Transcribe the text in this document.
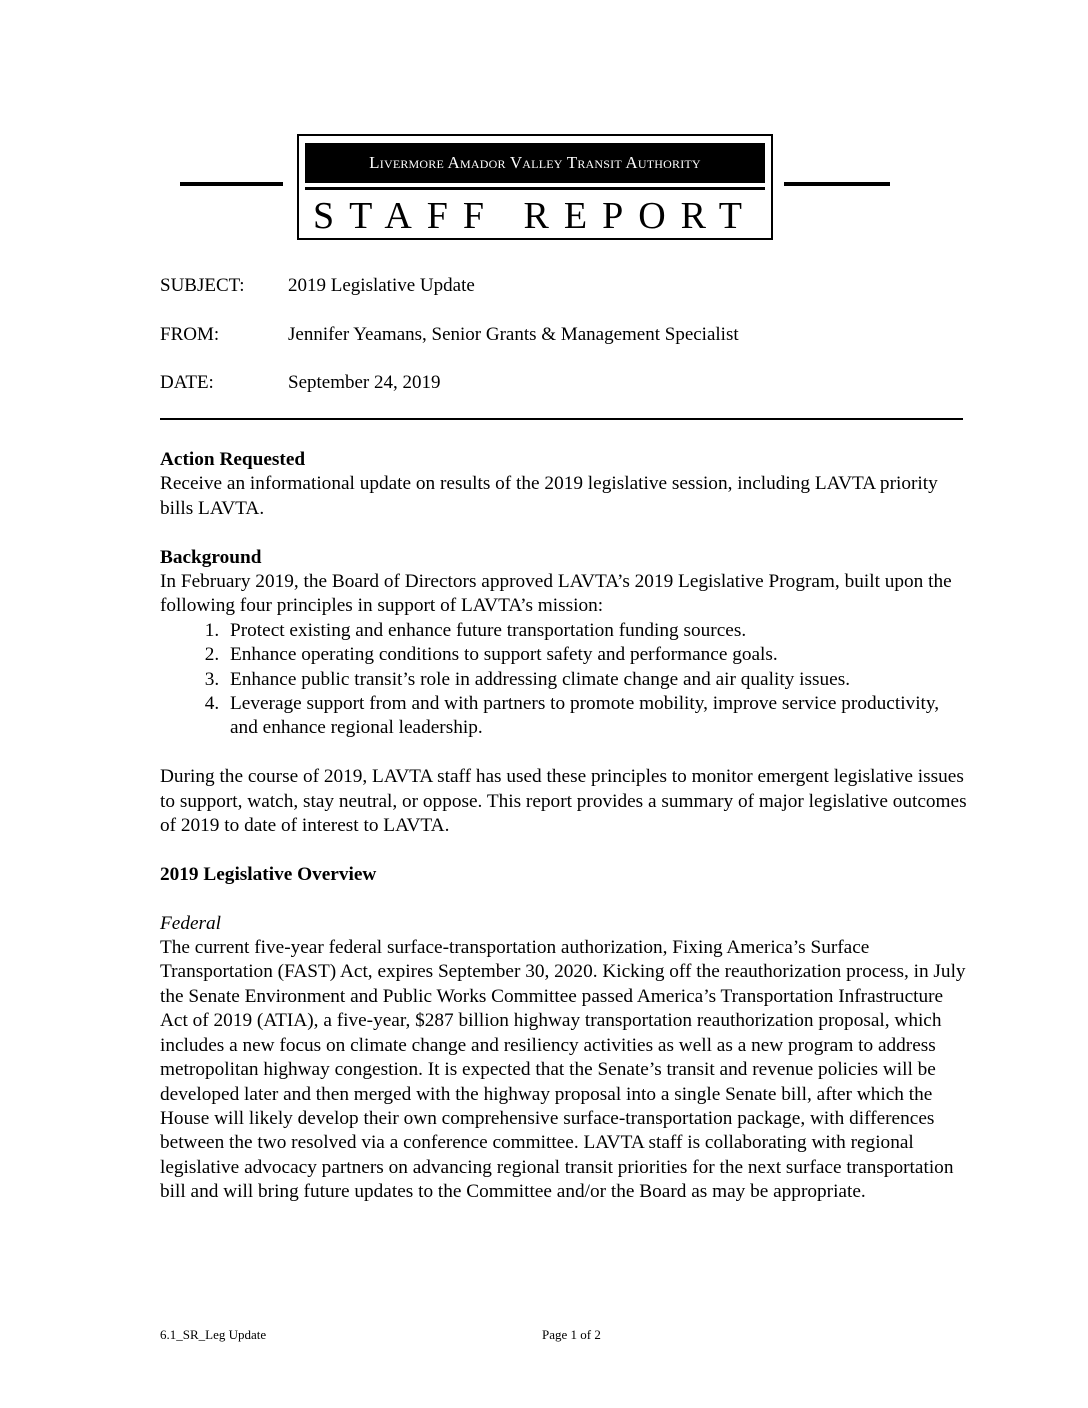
Livermore Amador Valley Transit Authority
STAFF REPORT
SUBJECT: 2019 Legislative Update
FROM:	Jennifer Yeamans, Senior Grants & Management Specialist
DATE:	September 24, 2019

Action Requested

Receive an informational update on results of the 2019 legislative session, including LAVTA priority bills LAVTA.

Background

In February 2019, the Board of Directors approved LAVTA’s 2019 Legislative Program, built upon the following four principles in support of LAVTA’s mission:

1. Protect existing and enhance future transportation funding sources.
2. Enhance operating conditions to support safety and performance goals.
3. Enhance public transit’s role in addressing climate change and air quality issues.
4. Leverage support from and with partners to promote mobility, improve service productivity, and enhance regional leadership.

During the course of 2019, LAVTA staff has used these principles to monitor emergent legislative issues to support, watch, stay neutral, or oppose. This report provides a summary of major legislative outcomes of 2019 to date of interest to LAVTA.

2019 Legislative Overview

Federal

The current five-year federal surface-transportation authorization, Fixing America’s Surface Transportation (FAST) Act, expires September 30, 2020. Kicking off the reauthorization process, in July the Senate Environment and Public Works Committee passed America’s Transportation Infrastructure Act of 2019 (ATIA), a five-year, $287 billion highway transportation reauthorization proposal, which includes a new focus on climate change and resiliency activities as well as a new program to address metropolitan highway congestion. It is expected that the Senate’s transit and revenue policies will be developed later and then merged with the highway proposal into a single Senate bill, after which the House will likely develop their own comprehensive surface-transportation package, with differences between the two resolved via a conference committee. LAVTA staff is collaborating with regional legislative advocacy partners on advancing regional transit priorities for the next surface transportation bill and will bring future updates to the Committee and/or the Board as may be appropriate.

6.1_SR_Leg Update	Page 1 of 2
